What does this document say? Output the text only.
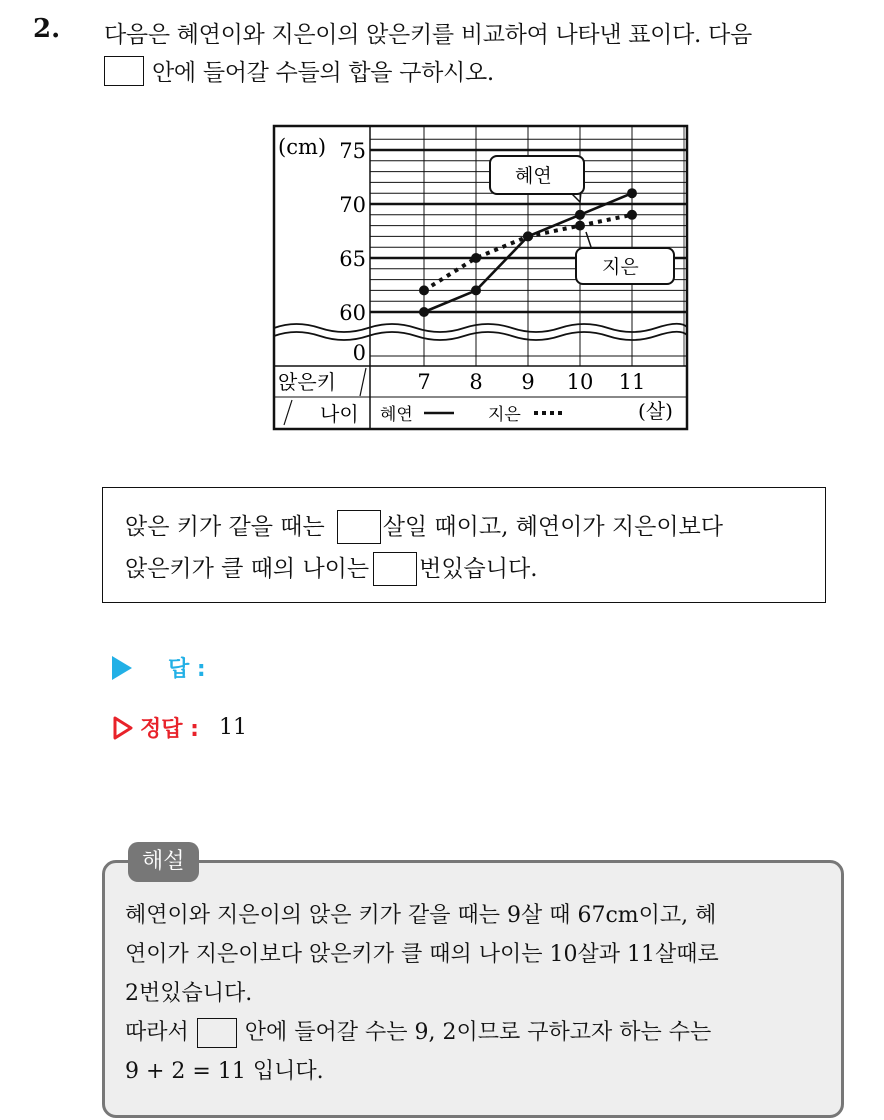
2. 다음은 혜연이와 지은이의 앉은키를 비교하여 나타낸 표이다. 다음
안에 들어갈 수들의 합을 구하시오.
(cm) 75
70
65
60
0
앉은키
나이
7 8 9 10 11
(살)
혜연	지은
혜연
지은
앉은 키가 같을 때는	살일 때이고, 혜연이가 지은이보다
앉은키가 클 때의 나이는 번있습니다.
답 :
정답 : 11
해설
혜연이와 지은이의 앉은 키가 같을 때는 9살 때 67cm이고, 혜
연이가 지은이보다 앉은키가 클 때의 나이는 10살과 11살때로
2번있습니다.
따라서	안에 들어갈 수는 9, 2이므로 구하고자 하는 수는
9 + 2 = 11 입니다.
